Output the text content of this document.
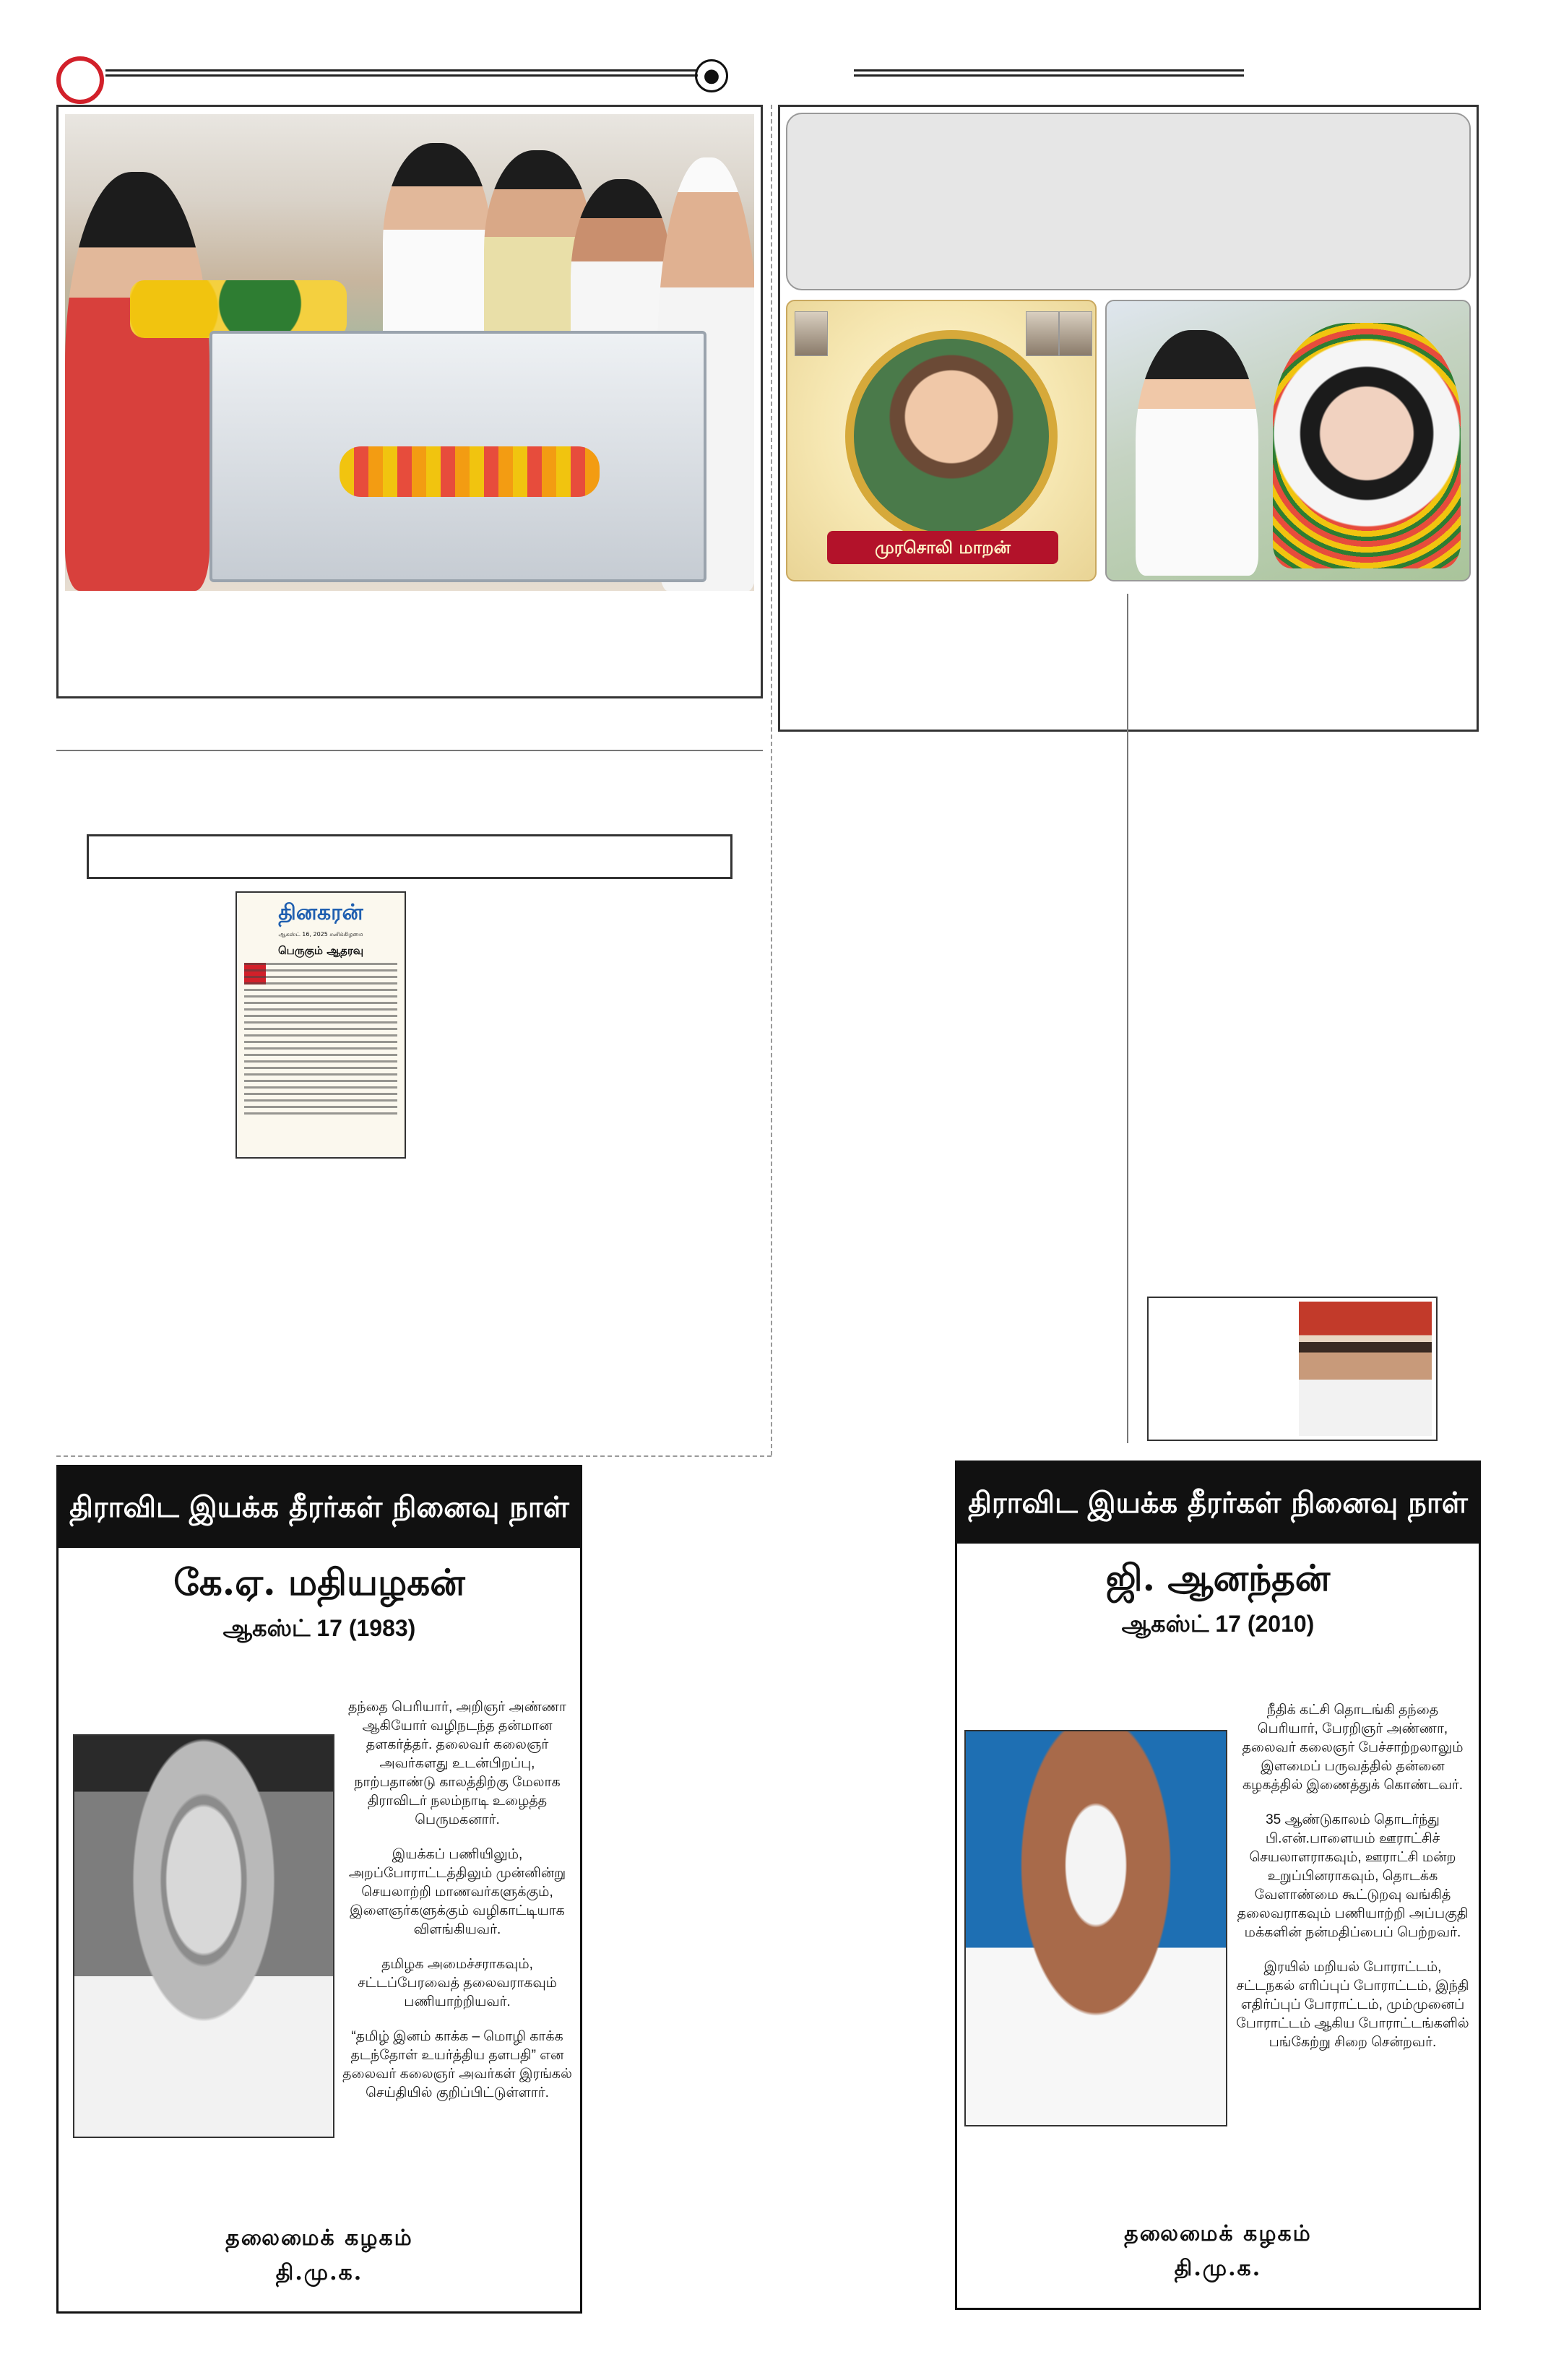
●
தினகரன்
ஆகஸ்ட் 16, 2025 சனிக்கிழமை
பெருகும் ஆதரவு
முரசொலி மாறன்
திராவிட இயக்க தீரர்கள் நினைவு நாள்
கே.ஏ. மதியழகன்
ஆகஸ்ட் 17 (1983)

தந்தை பெரியார், அறிஞர் அண்ணா ஆகியோர் வழிநடந்த தன்மான தளகர்த்தர். தலைவர் கலைஞர் அவர்களது உடன்பிறப்பு, நாற்பதாண்டு காலத்திற்கு மேலாக திராவிடர் நலம்நாடி உழைத்த பெருமகனார்.

இயக்கப் பணியிலும், அறப்போராட்டத்திலும் முன்னின்று செயலாற்றி மாணவர்களுக்கும், இளைஞர்களுக்கும் வழிகாட்டியாக விளங்கியவர்.

தமிழக அமைச்சராகவும், சட்டப்பேரவைத் தலைவராகவும் பணியாற்றியவர்.

“தமிழ் இனம் காக்க – மொழி காக்க தடந்தோள் உயர்த்திய தளபதி” என தலைவர் கலைஞர் அவர்கள் இரங்கல் செய்தியில் குறிப்பிட்டுள்ளார்.

தலைமைக் கழகம்
தி.மு.க.
திராவிட இயக்க தீரர்கள் நினைவு நாள்
ஜி. ஆனந்தன்
ஆகஸ்ட் 17 (2010)

நீதிக் கட்சி தொடங்கி தந்தை பெரியார், பேரறிஞர் அண்ணா, தலைவர் கலைஞர் பேச்சாற்றலாலும் இளமைப் பருவத்தில் தன்னை கழகத்தில் இணைத்துக் கொண்டவர்.

35 ஆண்டுகாலம் தொடர்ந்து பி.என்.பாளையம் ஊராட்சிச் செயலாளராகவும், ஊராட்சி மன்ற உறுப்பினராகவும், தொடக்க வேளாண்மை கூட்டுறவு வங்கித் தலைவராகவும் பணியாற்றி அப்பகுதி மக்களின் நன்மதிப்பைப் பெற்றவர்.

இரயில் மறியல் போராட்டம், சட்டநகல் எரிப்புப் போராட்டம், இந்தி எதிர்ப்புப் போராட்டம், மும்முனைப் போராட்டம் ஆகிய போராட்டங்களில் பங்கேற்று சிறை சென்றவர்.

தலைமைக் கழகம்
தி.மு.க.
